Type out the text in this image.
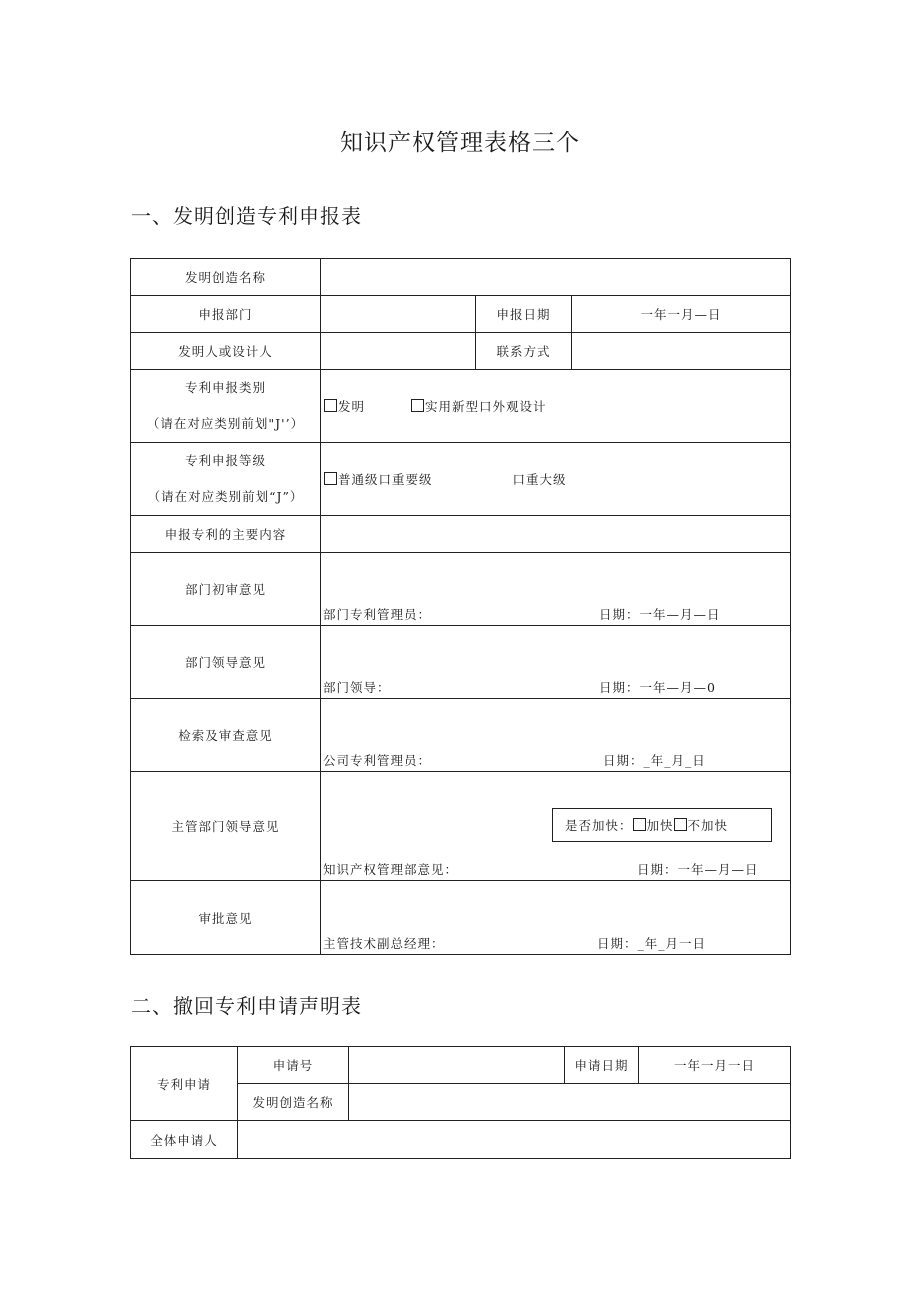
知识产权管理表格三个
一、发明创造专利申报表
发明创造名称			
申报部门		申报日期	一年一月—日
发明人或设计人		联系方式	

专利申报类别
（请在对应类别前划"J'’）	发明 实用新型口外观设计		

专利申报等级
（请在对应类别前划“J”）	普通级口重要级 口重大级		
申报专利的主要内容			
部门初审意见	部门专利管理员： 日期：一年—月—日		

部门领导意见	部门领导： 日期：一年—月—0		

检索及审查意见	公司专利管理员： 日期：_年_月_日		

主管部门领导意见	是否加快： 加快 不加快
知识产权管理部意见： 日期：一年—月—日		

审批意见	主管技术副总经理： 日期：_年_月一日		
二、撤回专利申请声明表
专利申请	申请号		申请日期	一年一月一日
	发明创造名称			
全体申请人				
